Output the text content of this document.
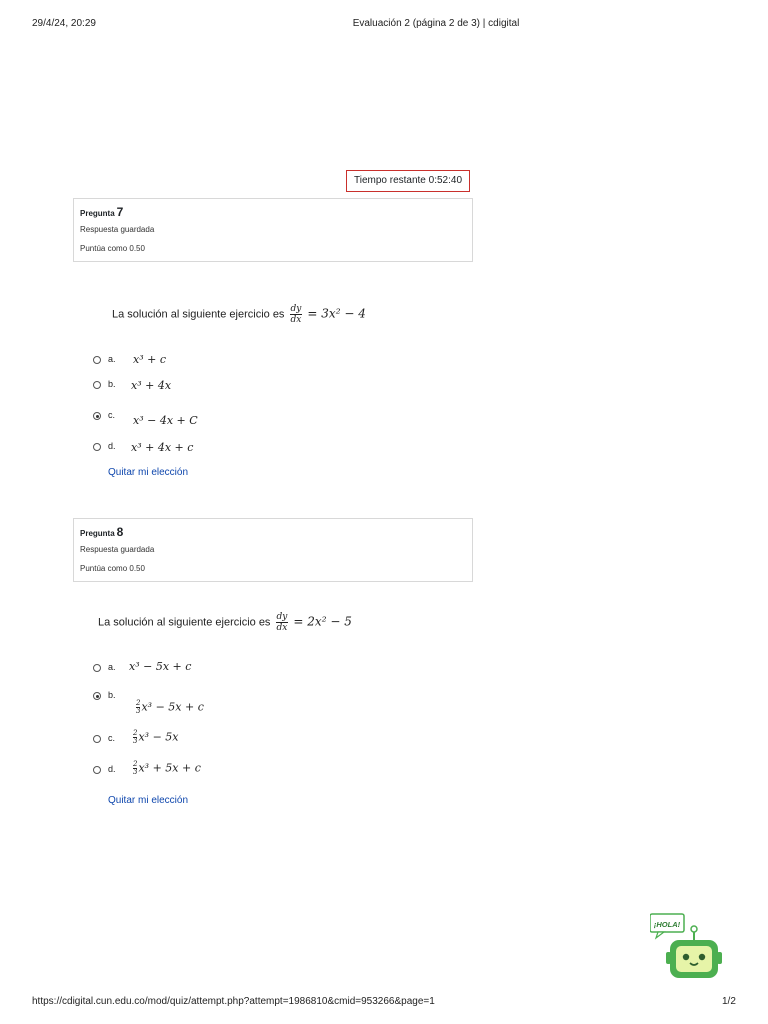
29/4/24, 20:29	Evaluación 2 (página 2 de 3) | cdigital
Tiempo restante 0:52:40
Pregunta 7
Respuesta guardada
Puntúa como 0.50
La solución al siguiente ejercicio es $\frac{dy}{dx} = 3x^2 - 4$
a. x³ + c
b. x³ + 4x
c. x³ − 4x + C
d. x³ + 4x + c
Quitar mi elección
Pregunta 8
Respuesta guardada
Puntúa como 0.50
La solución al siguiente ejercicio es $\frac{dy}{dx} = 2x^2 - 5$
a. x³ − 5x + c
b.
$\frac{2}{3} x^3 - 5x + c$
c.	$\frac{2}{3} x^3 - 5x$
d. $\frac{2}{3} x^3 + 5x + c$
Quitar mi elección
¡HOLA!
https://cdigital.cun.edu.co/mod/quiz/attempt.php?attempt=1986810&cmid=953266&page=1	1/2
